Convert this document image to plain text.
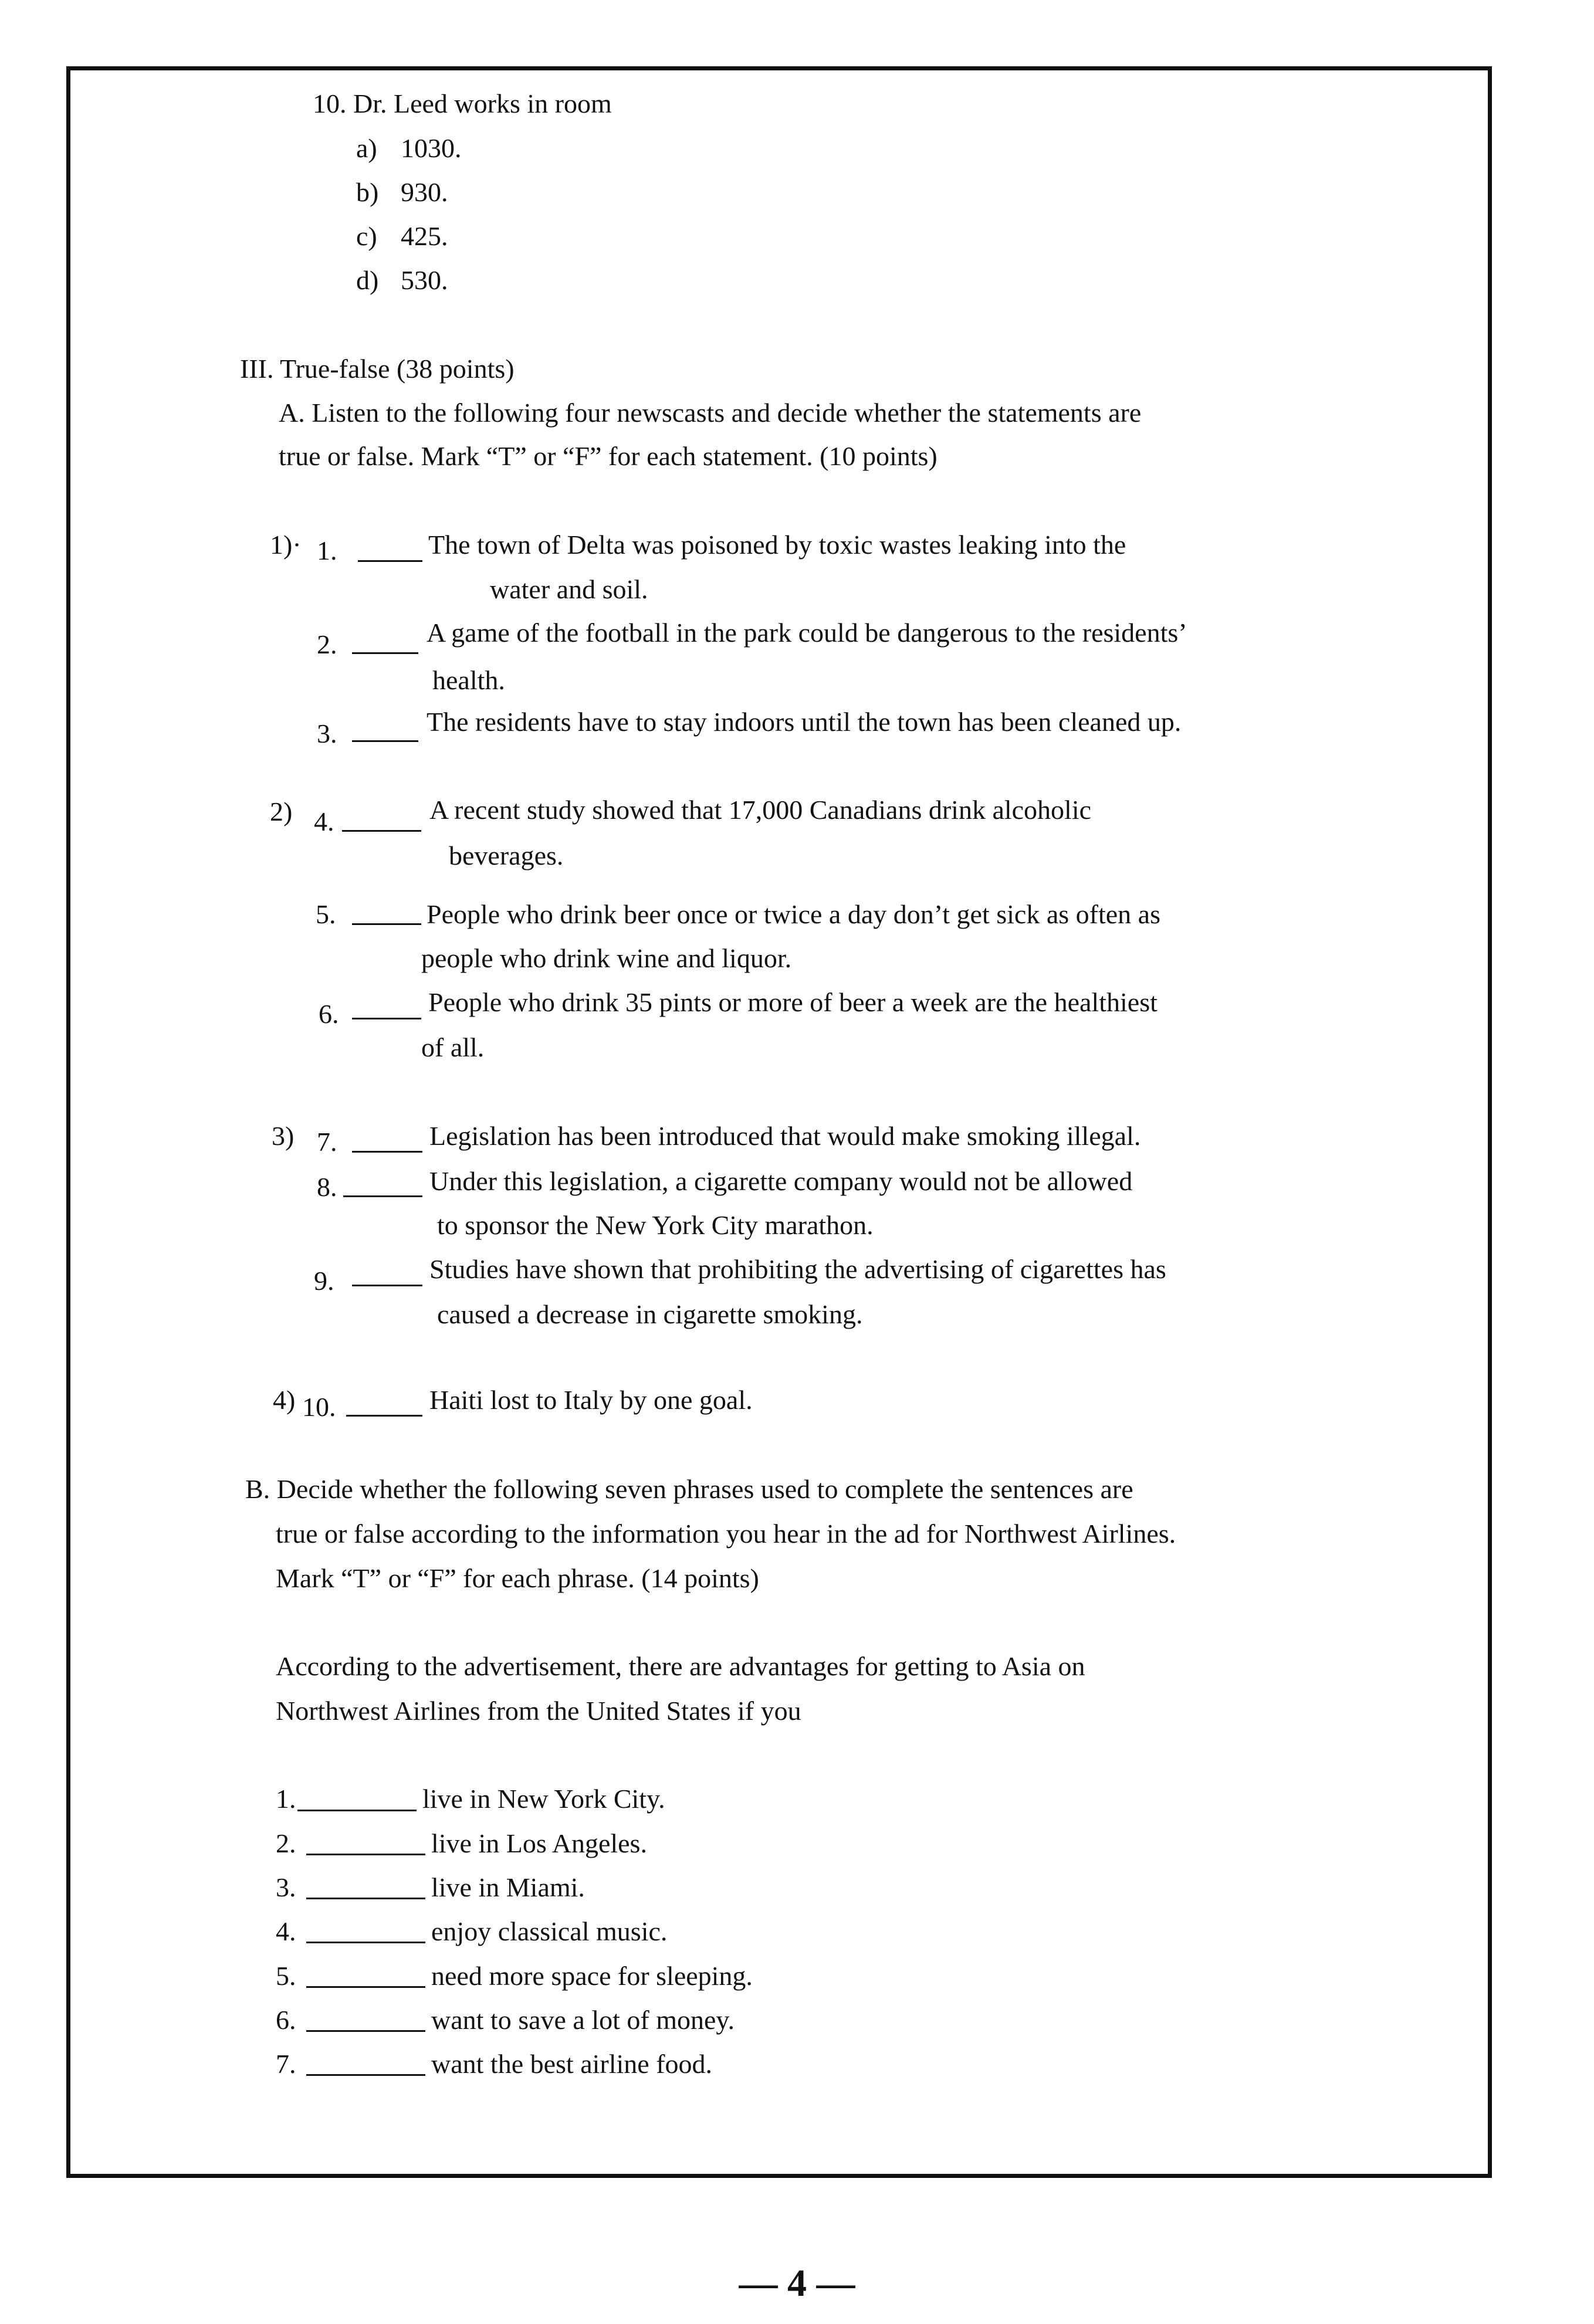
10. Dr. Leed works in room
a) 1030.
b) 930.
c) 425.
d) 530.
III. True-false (38 points)
A. Listen to the following four newscasts and decide whether the statements are
true or false. Mark “T” or “F” for each statement. (10 points)
1)· 1.	The town of Delta was poisoned by toxic wastes leaking into the
water and soil.
2.	A game of the football in the park could be dangerous to the residents’
health.
3.	The residents have to stay indoors until the town has been cleaned up.
2) 4.	A recent study showed that 17,000 Canadians drink alcoholic
beverages.
5.	People who drink beer once or twice a day don’t get sick as often as
people who drink wine and liquor.
6.	People who drink 35 pints or more of beer a week are the healthiest
of all.
3) 7.	Legislation has been introduced that would make smoking illegal.
8.	Under this legislation, a cigarette company would not be allowed
to sponsor the New York City marathon.
9.	Studies have shown that prohibiting the advertising of cigarettes has
caused a decrease in cigarette smoking.
4) 10.	Haiti lost to Italy by one goal.
B. Decide whether the following seven phrases used to complete the sentences are
true or false according to the information you hear in the ad for Northwest Airlines.
Mark “T” or “F” for each phrase. (14 points)
According to the advertisement, there are advantages for getting to Asia on
Northwest Airlines from the United States if you
1.	live in New York City.
2.	live in Los Angeles.
3.	live in Miami.
4.	enjoy classical music.
5.	need more space for sleeping.
6.	want to save a lot of money.
7.	want the best airline food.
— 4 —
